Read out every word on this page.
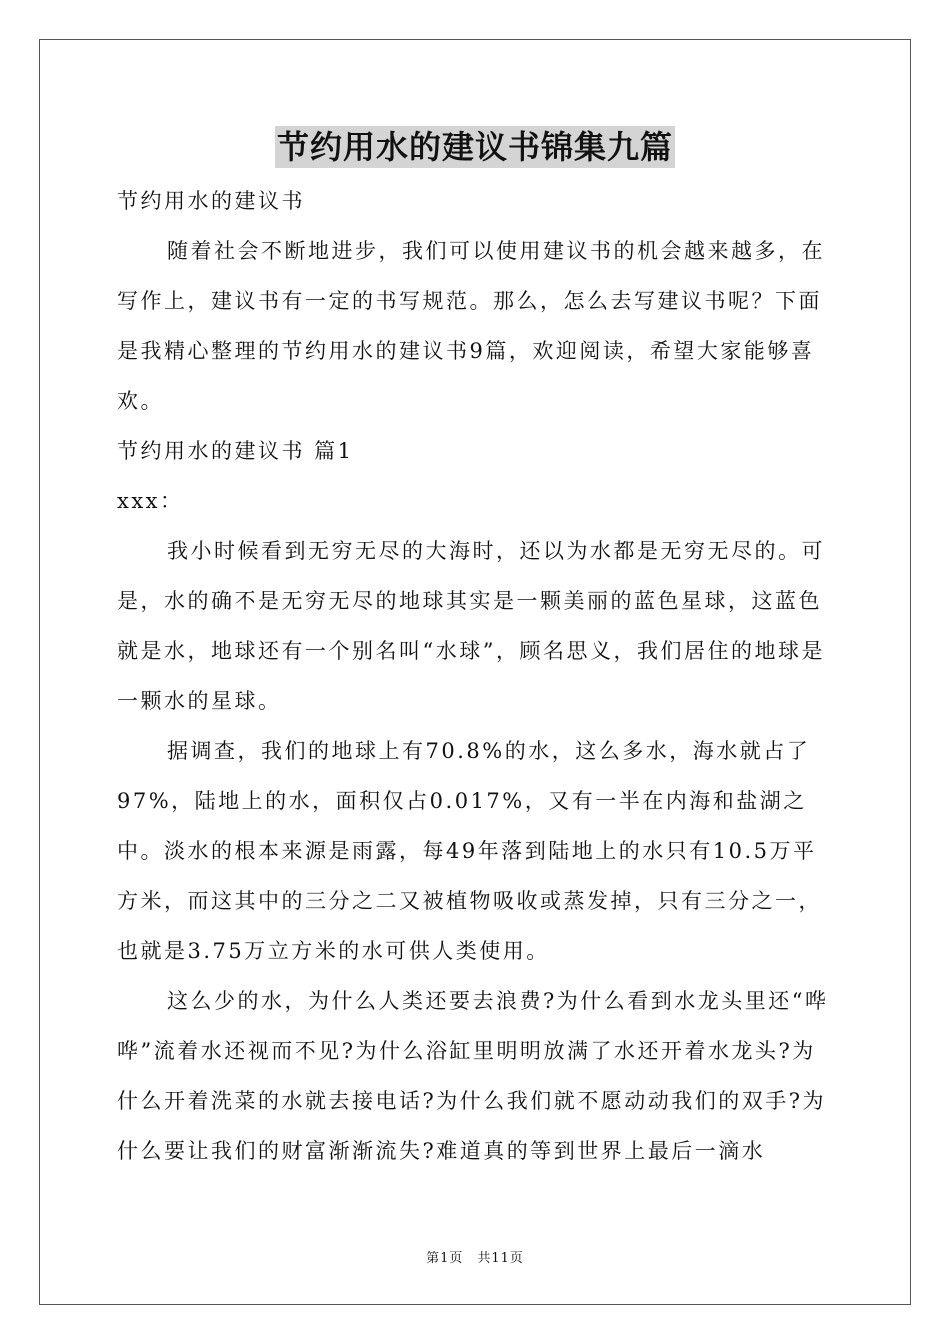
节约用水的建议书锦集九篇

节约用水的建议书

随着社会不断地进步，我们可以使用建议书的机会越来越多，在写作上，建议书有一定的书写规范。那么，怎么去写建议书呢？下面是我精心整理的节约用水的建议书9篇，欢迎阅读，希望大家能够喜欢。

节约用水的建议书 篇1

xxx：

我小时候看到无穷无尽的大海时，还以为水都是无穷无尽的。可是，水的确不是无穷无尽的地球其实是一颗美丽的蓝色星球，这蓝色就是水，地球还有一个别名叫“水球”，顾名思义，我们居住的地球是一颗水的星球。

据调查，我们的地球上有70.8%的水，这么多水，海水就占了97%，陆地上的水，面积仅占0.017%，又有一半在内海和盐湖之中。淡水的根本来源是雨露，每49年落到陆地上的水只有10.5万平方米，而这其中的三分之二又被植物吸收或蒸发掉，只有三分之一，也就是3.75万立方米的水可供人类使用。

这么少的水，为什么人类还要去浪费?为什么看到水龙头里还“哗哗”流着水还视而不见?为什么浴缸里明明放满了水还开着水龙头?为什么开着洗菜的水就去接电话?为什么我们就不愿动动我们的双手?为什么要让我们的财富渐渐流失?难道真的等到世界上最后一滴水

第1页 共11页
